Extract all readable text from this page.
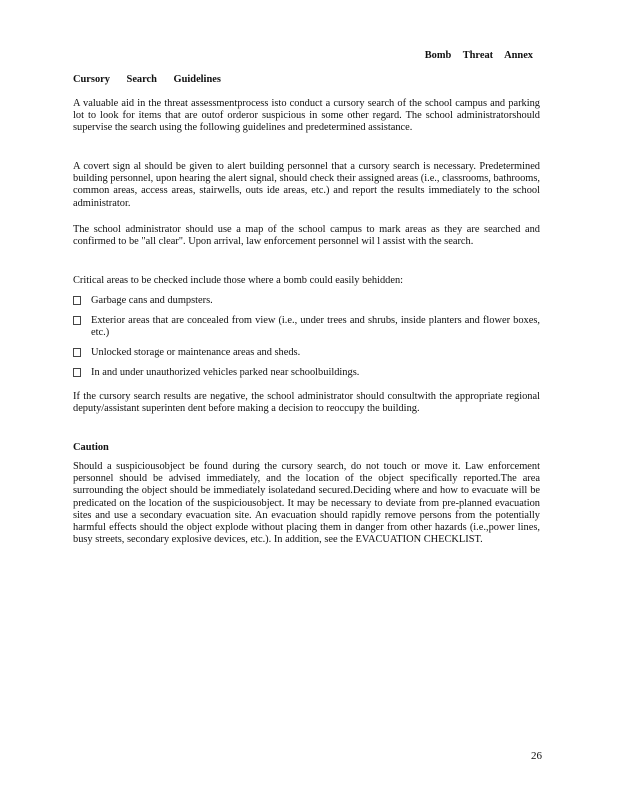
Bomb Threat Annex
Cursory Search Guidelines

A valuable aid in the threat assessmentprocess isto conduct a cursory search of the school campus and parking lot to look for items that are outof orderor suspicious in some other regard. The school administratorshould supervise the search using the following guidelines and predetermined assistance.

A covert sign al should be given to alert building personnel that a cursory search is necessary. Predetermined building personnel, upon hearing the alert signal, should check their assigned areas (i.e., classrooms, bathrooms, common areas, access areas, stairwells, outs ide areas, etc.) and report the results immediately to the school administrator.

The school administrator should use a map of the school campus to mark areas as they are searched and confirmed to be "all clear". Upon arrival, law enforcement personnel wil l assist with the search.

Critical areas to be checked include those where a bomb could easily behidden:

Garbage cans and dumpsters.
Exterior areas that are concealed from view (i.e., under trees and shrubs, inside planters and flower boxes, etc.)
Unlocked storage or maintenance areas and sheds.
In and under unauthorized vehicles parked near schoolbuildings.

If the cursory search results are negative, the school administrator should consultwith the appropriate regional deputy/assistant superinten dent before making a decision to reoccupy the building.

Caution

Should a suspiciousobject be found during the cursory search, do not touch or move it. Law enforcement personnel should be advised immediately, and the location of the object specifically reported.The area surrounding the object should be immediately isolatedand secured.Deciding where and how to evacuate will be predicated on the location of the suspiciousobject. It may be necessary to deviate from pre-planned evacuation sites and use a secondary evacuation site. An evacuation should rapidly remove persons from the potentially harmful effects should the object explode without placing them in danger from other hazards (i.e.,power lines, busy streets, secondary explosive devices, etc.). In addition, see the EVACUATION CHECKLIST.

26
